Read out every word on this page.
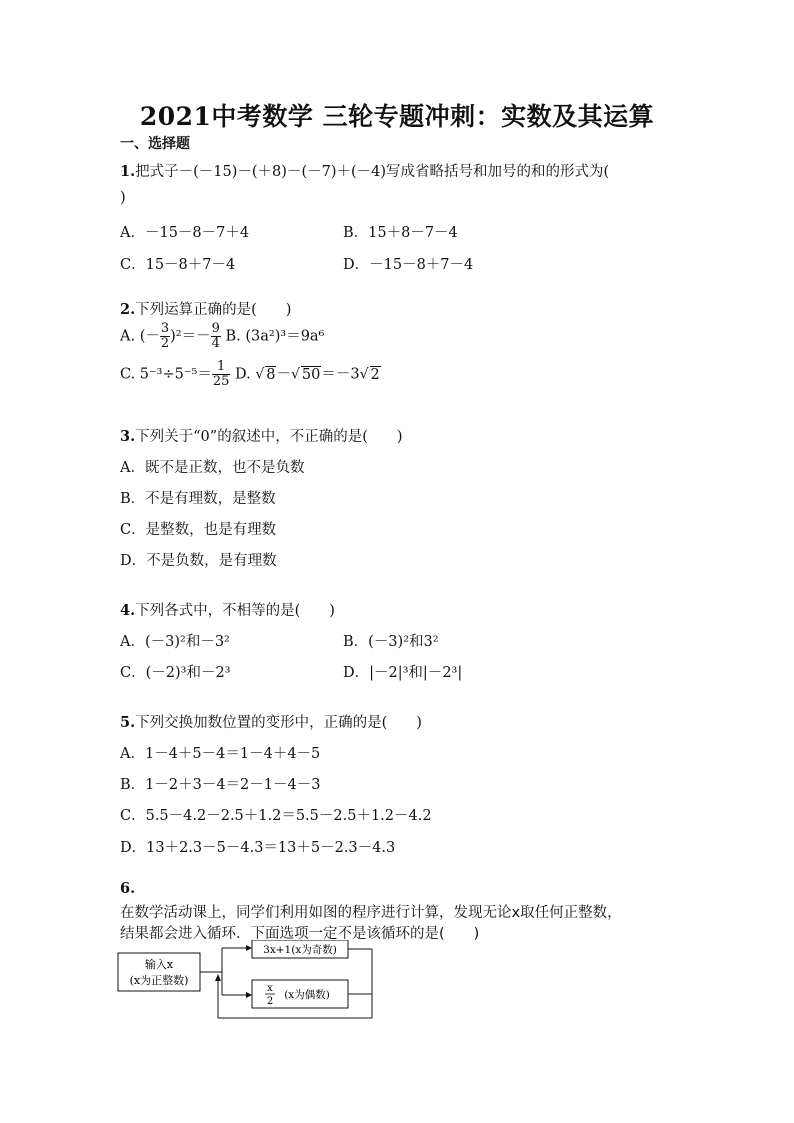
2021中考数学 三轮专题冲刺：实数及其运算
一、选择题
1.把式子－(－15)－(＋8)－(－7)＋(－4)写成省略括号和加号的和的形式为(
)
A．－15－8－7＋4	B．15＋8－7－4
C．15－8＋7－4	D．－15－8＋7－4
2.下列运算正确的是(　　)
A. (－ $\frac{3}{2} )^2=- \frac{9}{4} B$. (3a²)³＝9a⁶
C. $5^{-3}\div 5^{-5}= \frac{1}{25} D$. √ 8－√ 50＝－3√ 2
3.下列关于“0”的叙述中，不正确的是(　　)
A．既不是正数，也不是负数
B．不是有理数，是整数
C．是整数，也是有理数
D．不是负数，是有理数
4.下列各式中，不相等的是(　　)
A．(－3)²和－3²	B．(－3)²和3²
C．(－2)³和－2³	D．|－2|³和|－2³|
5.下列交换加数位置的变形中，正确的是(　　)
A．1－4＋5－4＝1－4＋4－5
B．1－2＋3－4＝2－1－4－3
C．5.5－4.2－2.5＋1.2＝5.5－2.5＋1.2－4.2
D．13＋2.3－5－4.3＝13＋5－2.3－4.3
6.
在数学活动课上，同学们利用如图的程序进行计算，发现无论x取任何正整数，
结果都会进入循环．下面选项一定不是该循环的是(　　)
输入x
(x为正整数)
3x+1(x为奇数)
x
2
(x为偶数)
